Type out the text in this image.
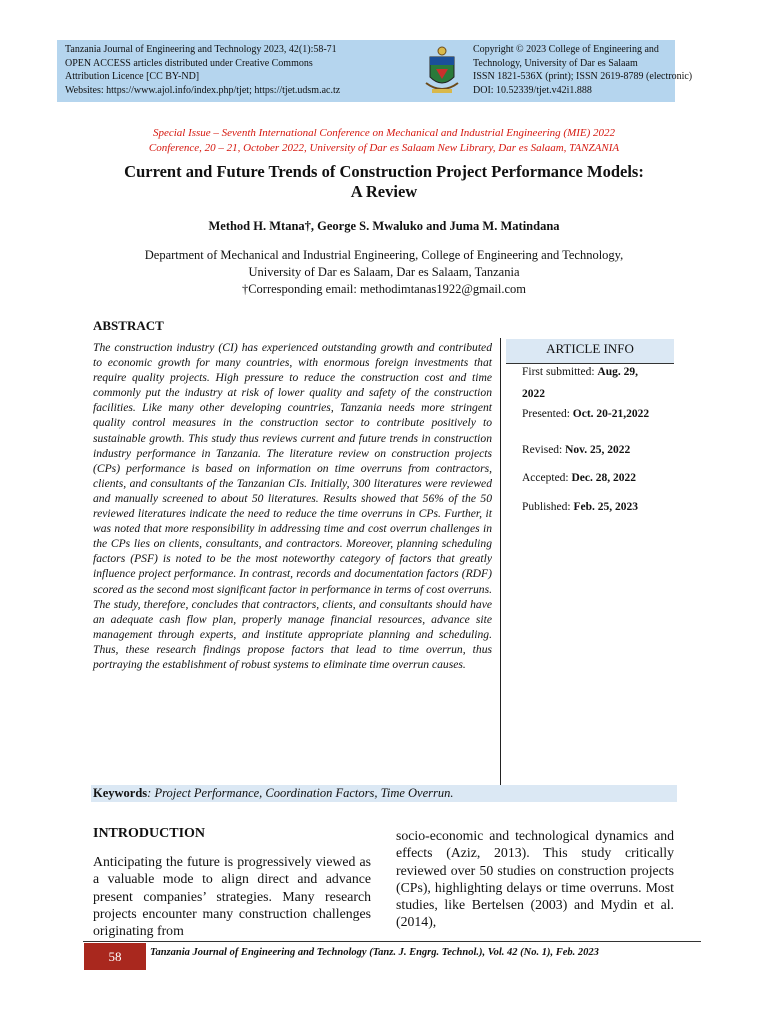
Tanzania Journal of Engineering and Technology 2023, 42(1):58-71
OPEN ACCESS articles distributed under Creative Commons
Attribution Licence [CC BY-ND]
Websites: https://www.ajol.info/index.php/tjet; https://tjet.udsm.ac.tz
Copyright © 2023 College of Engineering and
Technology, University of Dar es Salaam
ISSN 1821-536X (print); ISSN 2619-8789 (electronic)
DOI: 10.52339/tjet.v42i1.888
Special Issue – Seventh International Conference on Mechanical and Industrial Engineering (MIE) 2022
Conference, 20 – 21, October 2022, University of Dar es Salaam New Library, Dar es Salaam, TANZANIA
Current and Future Trends of Construction Project Performance Models:
A Review
Method H. Mtana†, George S. Mwaluko and Juma M. Matindana
Department of Mechanical and Industrial Engineering, College of Engineering and Technology,
University of Dar es Salaam, Dar es Salaam, Tanzania
†Corresponding email: methodimtanas1922@gmail.com
ABSTRACT
The construction industry (CI) has experienced outstanding growth and contributed to economic growth for many countries, with enormous foreign investments that require quality projects. High pressure to reduce the construction cost and time commonly put the industry at risk of lower quality and safety of the construction facilities. Like many other developing countries, Tanzania needs more stringent quality control measures in the construction sector to contribute positively to sustainable growth. This study thus reviews current and future trends in construction industry performance in Tanzania. The literature review on construction projects (CPs) performance is based on information on time overruns from contractors, clients, and consultants of the Tanzanian CIs. Initially, 300 literatures were reviewed and manually screened to about 50 literatures. Results showed that 56% of the 50 reviewed literatures indicate the need to reduce the time overruns in CPs. Further, it was noted that more responsibility in addressing time and cost overrun challenges in the CPs lies on clients, consultants, and contractors. Moreover, planning scheduling factors (PSF) is noted to be the most noteworthy category of factors that greatly influence project performance. In contrast, records and documentation factors (RDF) scored as the second most significant factor in performance in terms of cost overruns. The study, therefore, concludes that contractors, clients, and consultants should have an adequate cash flow plan, properly manage financial resources, advance site management through experts, and institute appropriate planning and scheduling. Thus, these research findings propose factors that lead to time overrun, thus portraying the establishment of robust systems to eliminate time overrun causes.
ARTICLE INFO
First submitted: Aug. 29,
2022
Presented: Oct. 20-21,2022
Revised: Nov. 25, 2022
Accepted: Dec. 28, 2022
Published: Feb. 25, 2023
Keywords: Project Performance, Coordination Factors, Time Overrun.
INTRODUCTION
Anticipating the future is progressively viewed as a valuable mode to align direct and advance present companies’ strategies. Many research projects encounter many construction challenges originating from
socio-economic and technological dynamics and effects (Aziz, 2013). This study critically reviewed over 50 studies on construction projects (CPs), highlighting delays or time overruns. Most studies, like Bertelsen (2003) and Mydin et al. (2014),
58	Tanzania Journal of Engineering and Technology (Tanz. J. Engrg. Technol.), Vol. 42 (No. 1), Feb. 2023
